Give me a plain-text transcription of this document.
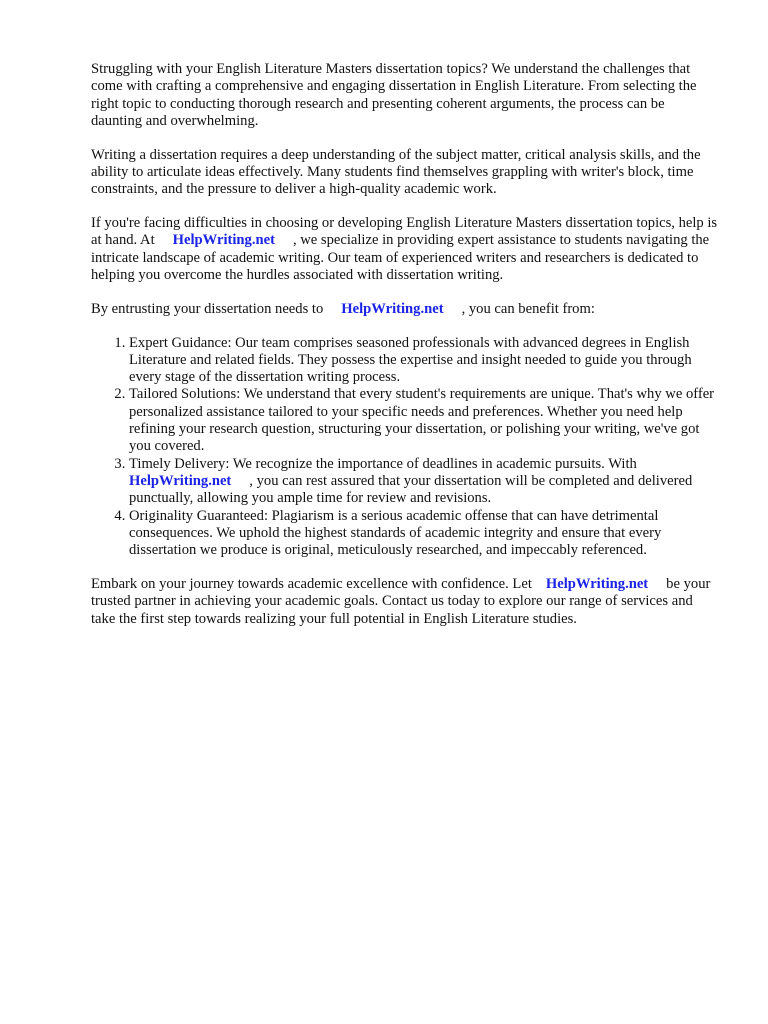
Struggling with your English Literature Masters dissertation topics? We understand the challenges that come with crafting a comprehensive and engaging dissertation in English Literature. From selecting the right topic to conducting thorough research and presenting coherent arguments, the process can be daunting and overwhelming.

Writing a dissertation requires a deep understanding of the subject matter, critical analysis skills, and the ability to articulate ideas effectively. Many students find themselves grappling with writer's block, time constraints, and the pressure to deliver a high-quality academic work.

If you're facing difficulties in choosing or developing English Literature Masters dissertation topics, help is at hand. At HelpWriting.net , we specialize in providing expert assistance to students navigating the intricate landscape of academic writing. Our team of experienced writers and researchers is dedicated to helping you overcome the hurdles associated with dissertation writing.

By entrusting your dissertation needs to HelpWriting.net , you can benefit from:

1. Expert Guidance: Our team comprises seasoned professionals with advanced degrees in English Literature and related fields. They possess the expertise and insight needed to guide you through every stage of the dissertation writing process.
2. Tailored Solutions: We understand that every student's requirements are unique. That's why we offer personalized assistance tailored to your specific needs and preferences. Whether you need help refining your research question, structuring your dissertation, or polishing your writing, we've got you covered.
3. Timely Delivery: We recognize the importance of deadlines in academic pursuits. With
HelpWriting.net , you can rest assured that your dissertation will be completed and delivered punctually, allowing you ample time for review and revisions.
4. Originality Guaranteed: Plagiarism is a serious academic offense that can have detrimental consequences. We uphold the highest standards of academic integrity and ensure that every dissertation we produce is original, meticulously researched, and impeccably referenced.

Embark on your journey towards academic excellence with confidence. Let HelpWriting.net be your trusted partner in achieving your academic goals. Contact us today to explore our range of services and take the first step towards realizing your full potential in English Literature studies.
